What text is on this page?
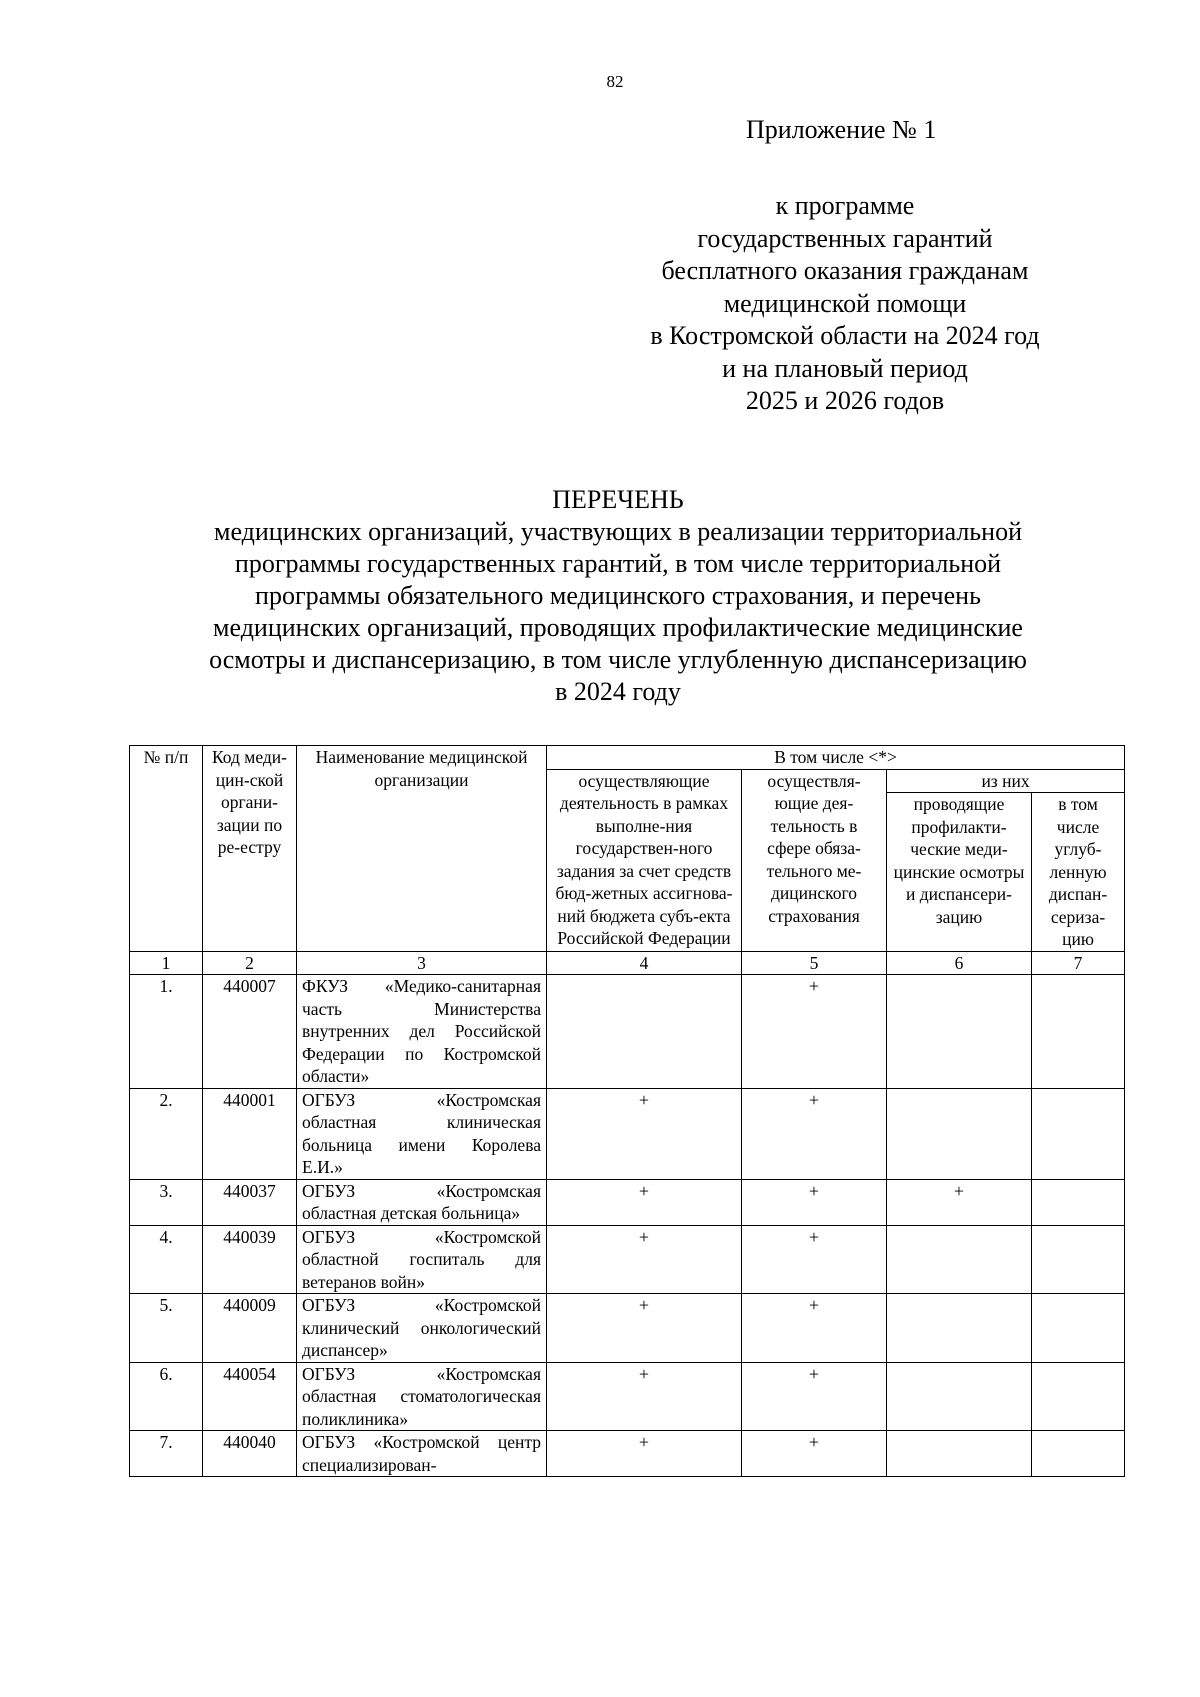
82
Приложение № 1
к программе
государственных гарантий
бесплатного оказания гражданам
медицинской помощи
в Костромской области на 2024 год
и на плановый период
2025 и 2026 годов
ПЕРЕЧЕНЬ
медицинских организаций, участвующих в реализации территориальной
программы государственных гарантий, в том числе территориальной
программы обязательного медицинского страхования, и перечень
медицинских организаций, проводящих профилактические медицинские
осмотры и диспансеризацию, в том числе углубленную диспансеризацию
в 2024 году
№ п/п	Код меди-цин-ской органи-зации по ре-естру	Наименование медицинской организации	В том числе <*>			
			осуществляющие деятельность в рамках выполне-ния государствен-ного задания за счет средств бюд-жетных ассигнова-ний бюджета субъ-екта Российской Федерации	осуществля-ющие дея-тельность в сфере обяза-тельного ме-дицинского страхования	из них	
					проводящие профилакти-ческие меди-цинские осмотры и диспансери-зацию	в том числе углуб-ленную диспан-сериза-цию
1	2	3	4	5	6	7
1.	440007	ФКУЗ «Медико-санитарная часть Министерства внутренних дел Российской Федерации по Костромской области»		+		
2.	440001	ОГБУЗ «Костромская областная клиническая больница имени Королева Е.И.»	+	+		
3.	440037	ОГБУЗ «Костромская областная детская больница»	+	+	+	
4.	440039	ОГБУЗ «Костромской областной госпиталь для ветеранов войн»	+	+		
5.	440009	ОГБУЗ «Костромской клинический онкологический диспансер»	+	+		
6.	440054	ОГБУЗ «Костромская областная стоматологическая поликлиника»	+	+		
7.	440040	ОГБУЗ «Костромской центр специализирован-	+	+		
